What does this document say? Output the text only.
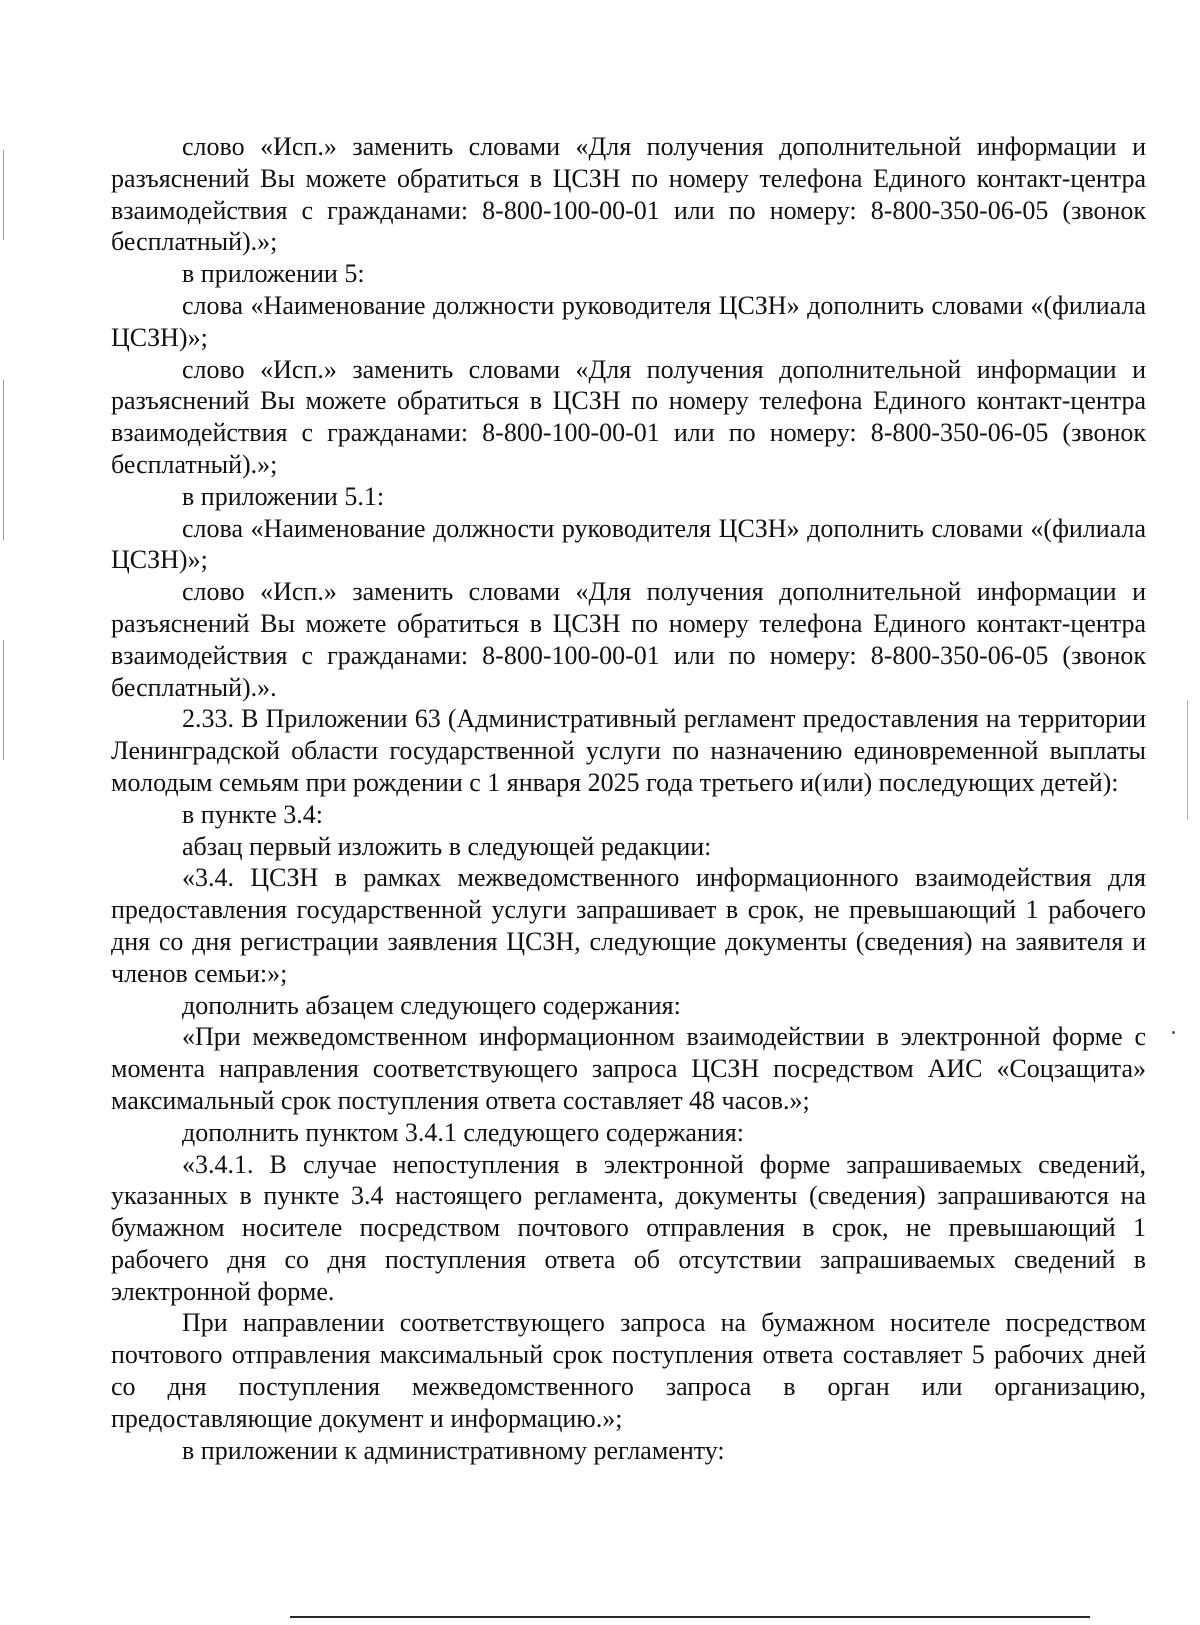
слово «Исп.» заменить словами «Для получения дополнительной информации и разъяснений Вы можете обратиться в ЦСЗН по номеру телефона Единого контакт-центра взаимодействия с гражданами: 8-800-100-00-01 или по номеру: 8-800-350-06-05 (звонок бесплатный).»;

в приложении 5:

слова «Наименование должности руководителя ЦСЗН» дополнить словами «(филиала ЦСЗН)»;

слово «Исп.» заменить словами «Для получения дополнительной информации и разъяснений Вы можете обратиться в ЦСЗН по номеру телефона Единого контакт-центра взаимодействия с гражданами: 8-800-100-00-01 или по номеру: 8-800-350-06-05 (звонок бесплатный).»;

в приложении 5.1:

слова «Наименование должности руководителя ЦСЗН» дополнить словами «(филиала ЦСЗН)»;

слово «Исп.» заменить словами «Для получения дополнительной информации и разъяснений Вы можете обратиться в ЦСЗН по номеру телефона Единого контакт-центра взаимодействия с гражданами: 8-800-100-00-01 или по номеру: 8-800-350-06-05 (звонок бесплатный).».

2.33. В Приложении 63 (Административный регламент предоставления на территории Ленинградской области государственной услуги по назначению единовременной выплаты молодым семьям при рождении с 1 января 2025 года третьего и(или) последующих детей):

в пункте 3.4:

абзац первый изложить в следующей редакции:

«3.4. ЦСЗН в рамках межведомственного информационного взаимодействия для предоставления государственной услуги запрашивает в срок, не превышающий 1 рабочего дня со дня регистрации заявления ЦСЗН, следующие документы (сведения) на заявителя и членов семьи:»;

дополнить абзацем следующего содержания:

«При межведомственном информационном взаимодействии в электронной форме с момента направления соответствующего запроса ЦСЗН посредством АИС «Соцзащита» максимальный срок поступления ответа составляет 48 часов.»;

дополнить пунктом 3.4.1 следующего содержания:

«3.4.1. В случае непоступления в электронной форме запрашиваемых сведений, указанных в пункте 3.4 настоящего регламента, документы (сведения) запрашиваются на бумажном носителе посредством почтового отправления в срок, не превышающий 1 рабочего дня со дня поступления ответа об отсутствии запрашиваемых сведений в электронной форме.

При направлении соответствующего запроса на бумажном носителе посредством почтового отправления максимальный срок поступления ответа составляет 5 рабочих дней со дня поступления межведомственного запроса в орган или организацию, предоставляющие документ и информацию.»;

в приложении к административному регламенту:
